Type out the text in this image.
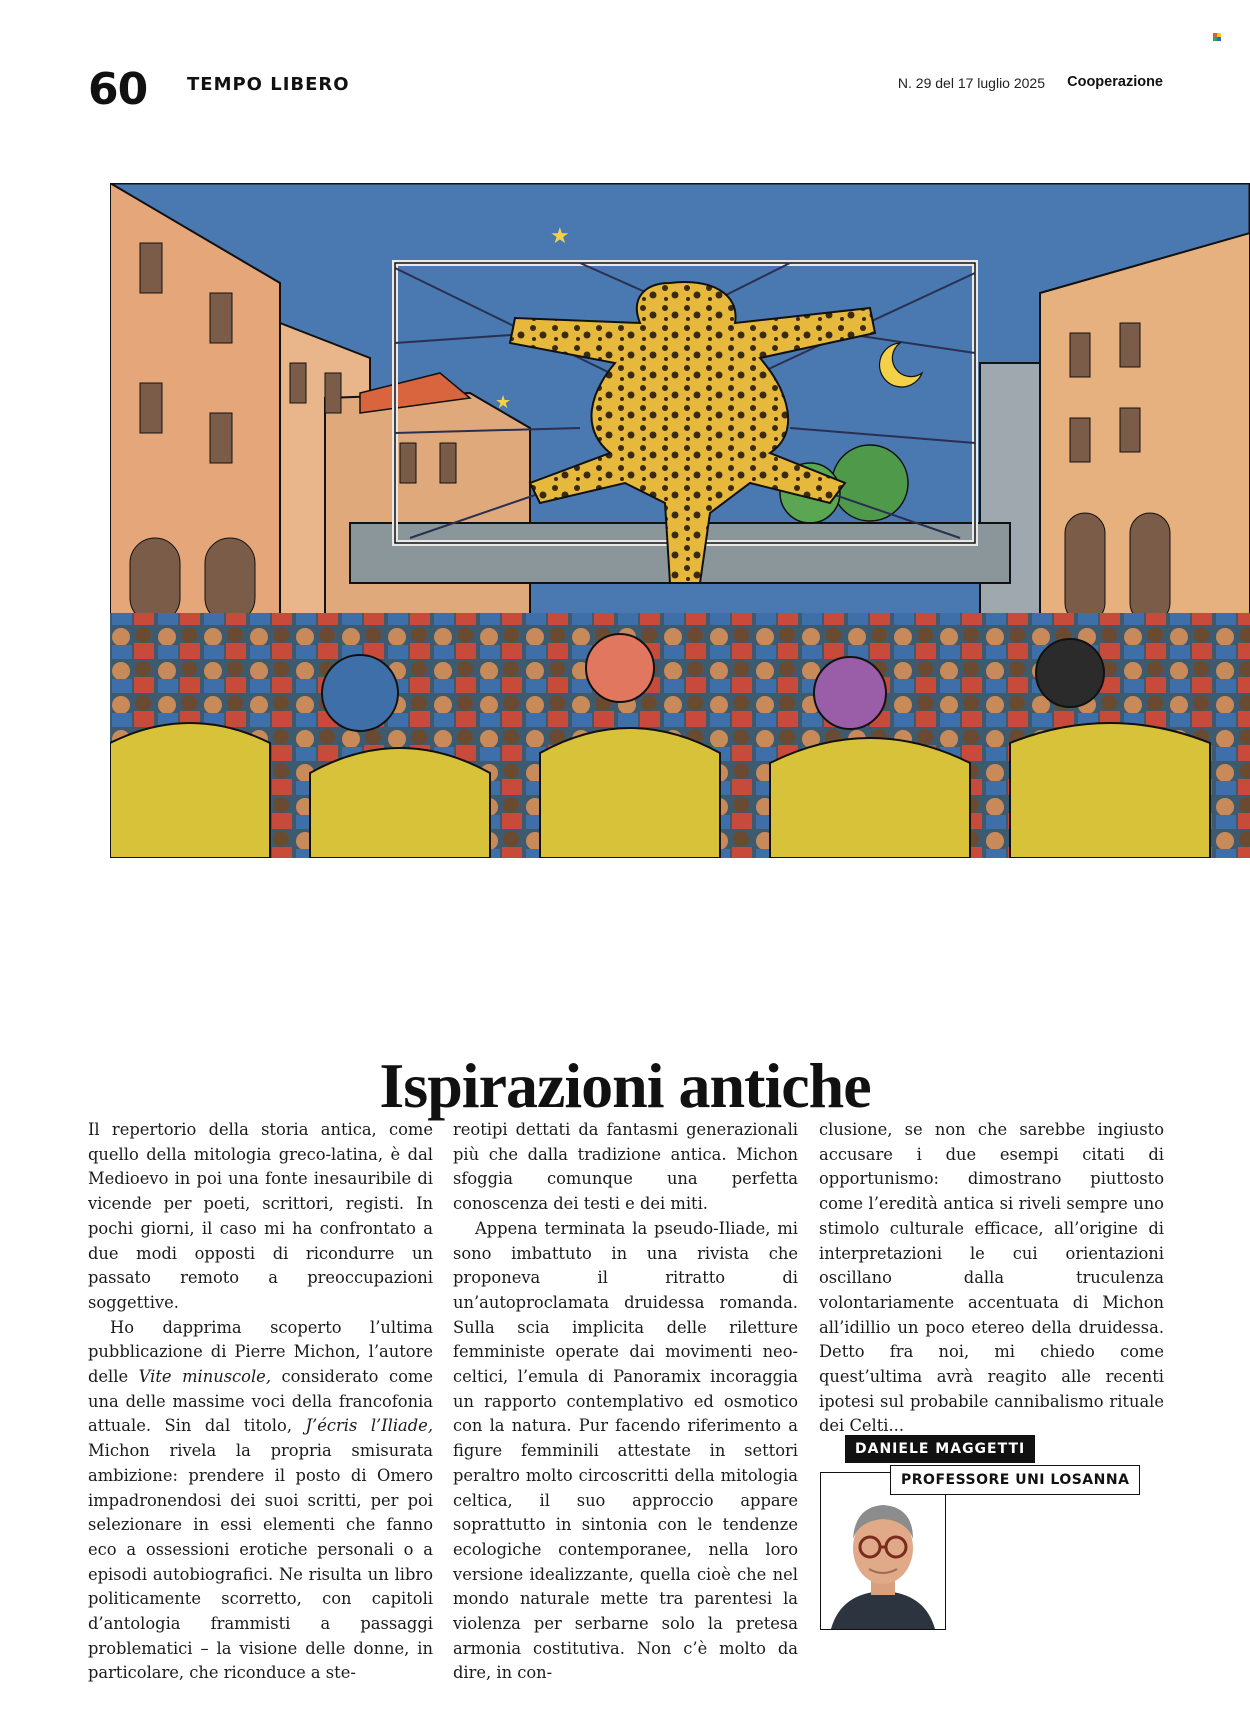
60 TEMPO LIBERO	N. 29 del 17 luglio 2025 Cooperazione
★
★
Ispirazioni antiche

Il repertorio della storia antica, come quello della mitologia greco-latina, è dal Medioevo in poi una fonte inesauribile di vicende per poeti, scrittori, registi. In pochi giorni, il caso mi ha confrontato a due modi opposti di ricondurre un passato remoto a preoccupazioni soggettive.

Ho dapprima scoperto l’ultima pubblicazione di Pierre Michon, l’autore delle Vite minuscole, considerato come una delle massime voci della francofonia attuale. Sin dal titolo, J’écris l’Iliade, Michon rivela la propria smisurata ambizione: prendere il posto di Omero impadronendosi dei suoi scritti, per poi selezionare in essi elementi che fanno eco a ossessioni erotiche personali o a episodi autobiografici. Ne risulta un libro politicamente scorretto, con capitoli d’antologia frammisti a passaggi problematici – la visione delle donne, in particolare, che riconduce a ste-

reotipi dettati da fantasmi generazionali più che dalla tradizione antica. Michon sfoggia comunque una perfetta conoscenza dei testi e dei miti.

Appena terminata la pseudo-Iliade, mi sono imbattuto in una rivista che proponeva il ritratto di un’autoproclamata druidessa romanda. Sulla scia implicita delle riletture femministe operate dai movimenti neo-celtici, l’emula di Panoramix incoraggia un rapporto contemplativo ed osmotico con la natura. Pur facendo riferimento a figure femminili attestate in settori peraltro molto circoscritti della mitologia celtica, il suo approccio appare soprattutto in sintonia con le tendenze ecologiche contemporanee, nella loro versione idealizzante, quella cioè che nel mondo naturale mette tra parentesi la violenza per serbarne solo la pretesa armonia costitutiva. Non c’è molto da dire, in con-

clusione, se non che sarebbe ingiusto accusare i due esempi citati di opportunismo: dimostrano piuttosto come l’eredità antica si riveli sempre uno stimolo culturale efficace, all’origine di interpretazioni le cui orientazioni oscillano dalla truculenza volontariamente accentuata di Michon all’idillio un poco etereo della druidessa. Detto fra noi, mi chiedo come quest’ultima avrà reagito alle recenti ipotesi sul probabile cannibalismo rituale dei Celti...

DANIELE MAGGETTI
PROFESSORE UNI LOSANNA
